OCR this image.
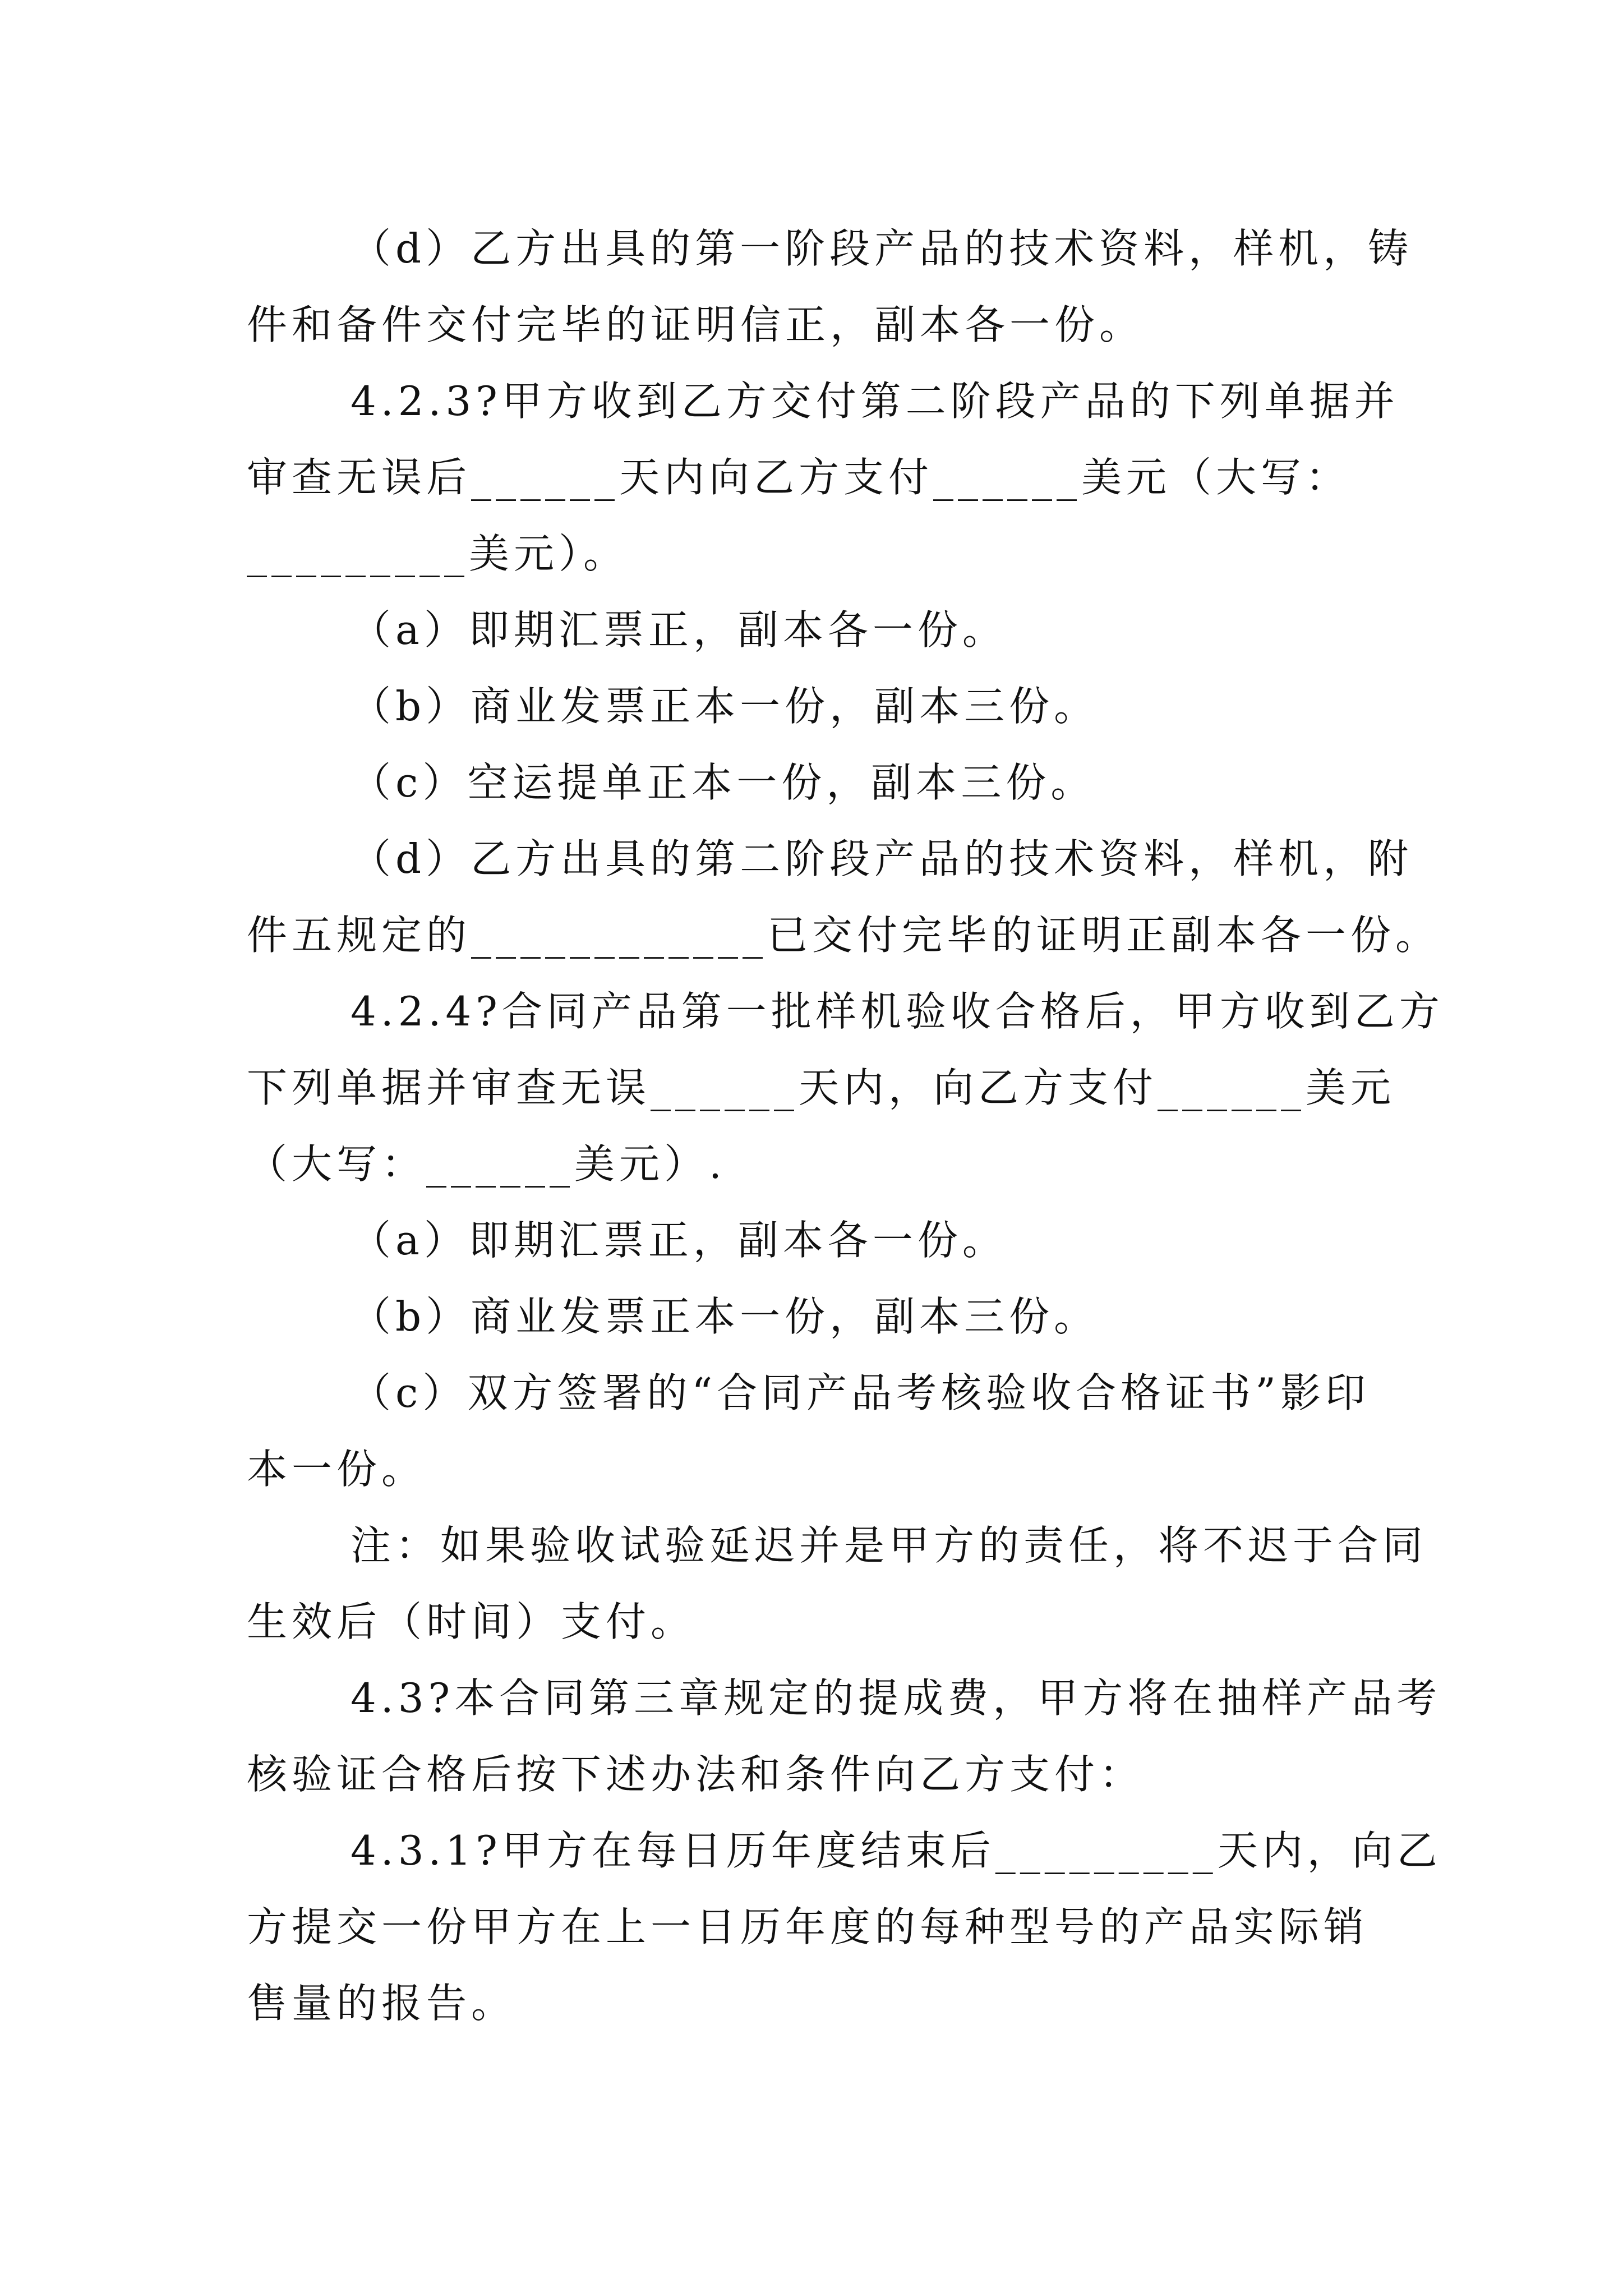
（d）乙方出具的第一阶段产品的技术资料，样机，铸

件和备件交付完毕的证明信正，副本各一份。

4.2.3?甲方收到乙方交付第二阶段产品的下列单据并

审查无误后______天内向乙方支付______美元（大写：

_________美元）。

（a）即期汇票正，副本各一份。

（b）商业发票正本一份，副本三份。

（c）空运提单正本一份，副本三份。

（d）乙方出具的第二阶段产品的技术资料，样机，附

件五规定的____________已交付完毕的证明正副本各一份。

4.2.4?合同产品第一批样机验收合格后，甲方收到乙方

下列单据并审查无误______天内，向乙方支付______美元

（大写：______美元）.

（a）即期汇票正，副本各一份。

（b）商业发票正本一份，副本三份。

（c）双方签署的“合同产品考核验收合格证书”影印

本一份。

注：如果验收试验延迟并是甲方的责任，将不迟于合同

生效后（时间）支付。

4.3?本合同第三章规定的提成费，甲方将在抽样产品考

核验证合格后按下述办法和条件向乙方支付：

4.3.1?甲方在每日历年度结束后_________天内，向乙

方提交一份甲方在上一日历年度的每种型号的产品实际销

售量的报告。
